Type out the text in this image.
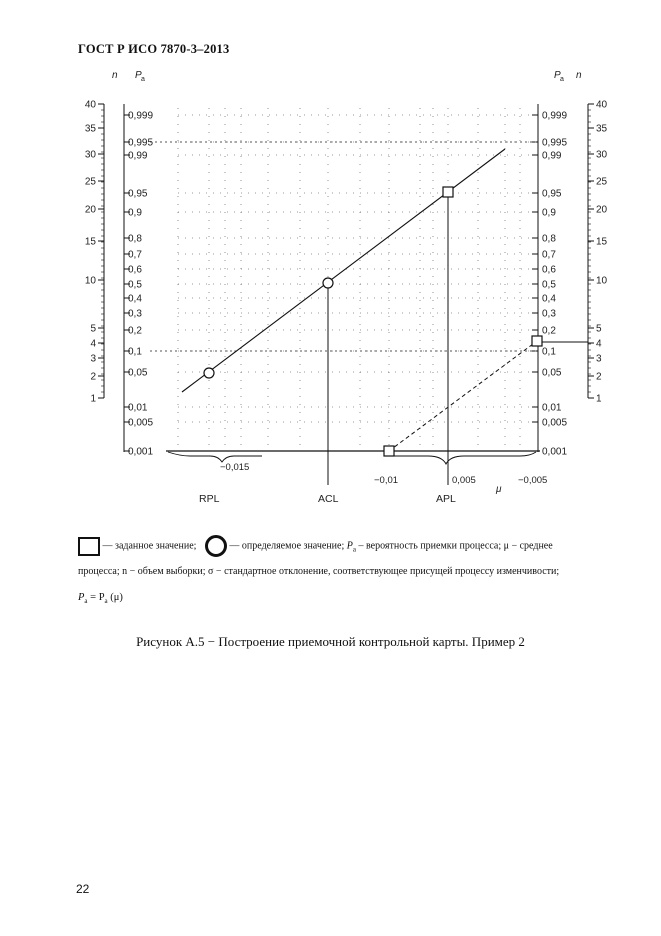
ГОСТ Р ИСО 7870-3–2013
n P a	P a n
40	40
35	35
30	30
25	25
20	20
15	15
10	10
5	5
4	4
3	3
2	2
1	1
0,999	0,999
0,995	0,995
0,99	0,99
0,95	0,95
0,9	0,9
0,8	0,8
0,7	0,7
0,6	0,6
0,5	0,5
0,4	0,4
0,3	0,3
0,2	0,2
0,1	0,1
0,05	0,05
0,01	0,01
0,005	0,005
0,001	0,001
−0,015
−0,01	0,005	−0,005
μ
RPL	ACL	APL
— заданное значение;	— определяемое значение; $P_a$ – вероятность приемки процесса; μ − среднее
процесса; n − объем выборки; σ − стандартное отклонение, соответствующее присущей процессу изменчивости;
$P_a = P_a$ (μ)
Рисунок А.5 − Построение приемочной контрольной карты. Пример 2
22
